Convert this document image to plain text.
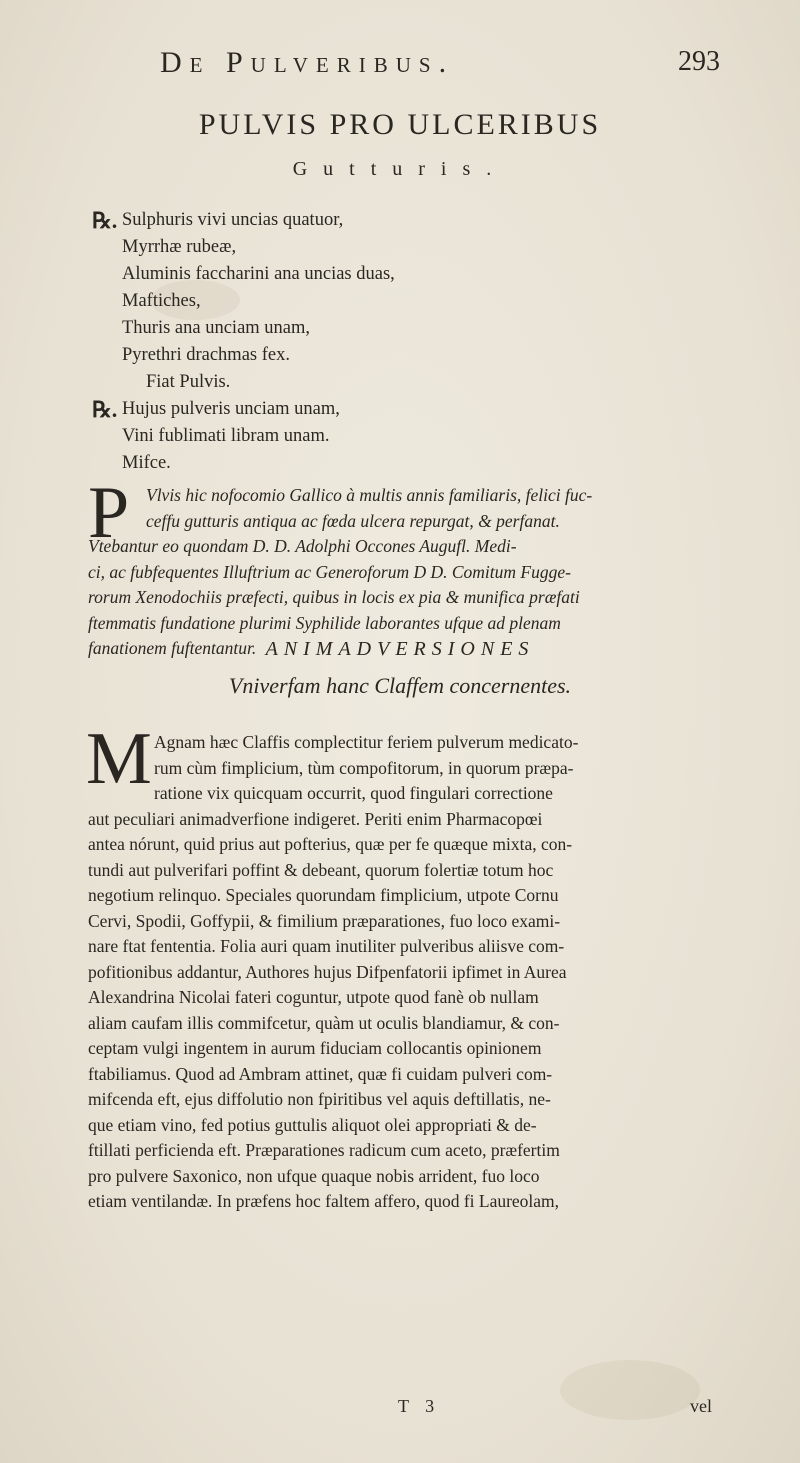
De Pulveribus.	293
PULVIS PRO ULCERIBUS
Gutturis.
℞. Sulphuris vivi uncias quatuor,
Myrrhæ rubeæ,
Aluminis faccharini ana uncias duas,
Maftiches,
Thuris ana unciam unam,
Pyrethri drachmas fex.
Fiat Pulvis.
℞. Hujus pulveris unciam unam,
Vini fublimati libram unam.
Mifce.
P Vlvis hic nofocomio Gallico à multis annis familiaris, felici fuc-
ceffu gutturis antiqua ac fœda ulcera repurgat, & perfanat.
Vtebantur eo quondam D. D. Adolphi Occones Augufl. Medi-
ci, ac fubfequentes Illuftrium ac Generoforum D D. Comitum Fugge-
rorum Xenodochiis præfecti, quibus in locis ex pia & munifica præfati
ftemmatis fundatione plurimi Syphilide laborantes ufque ad plenam
fanationem fuftentantur. ANIMADVERSIONES
Vniverfam hanc Claffem concernentes.
M Agnam hæc Claffis complectitur feriem pulverum medicato-
rum cùm fimplicium, tùm compofitorum, in quorum præpa-
ratione vix quicquam occurrit, quod fingulari correctione
aut peculiari animadverfione indigeret. Periti enim Pharmacopœi
antea nórunt, quid prius aut pofterius, quæ per fe quæque mixta, con-
tundi aut pulverifari poffint & debeant, quorum folertiæ totum hoc
negotium relinquo. Speciales quorundam fimplicium, utpote Cornu
Cervi, Spodii, Goffypii, & fimilium præparationes, fuo loco exami-
nare ftat fententia. Folia auri quam inutiliter pulveribus aliisve com-
pofitionibus addantur, Authores hujus Difpenfatorii ipfimet in Aurea
Alexandrina Nicolai fateri coguntur, utpote quod fanè ob nullam
aliam caufam illis commifcetur, quàm ut oculis blandiamur, & con-
ceptam vulgi ingentem in aurum fiduciam collocantis opinionem
ftabiliamus. Quod ad Ambram attinet, quæ fi cuidam pulveri com-
mifcenda eft, ejus diffolutio non fpiritibus vel aquis deftillatis, ne-
que etiam vino, fed potius guttulis aliquot olei appropriati & de-
ftillati perficienda eft. Præparationes radicum cum aceto, præfertim
pro pulvere Saxonico, non ufque quaque nobis arrident, fuo loco
etiam ventilandæ. In præfens hoc faltem affero, quod fi Laureolam,
T 3	vel
